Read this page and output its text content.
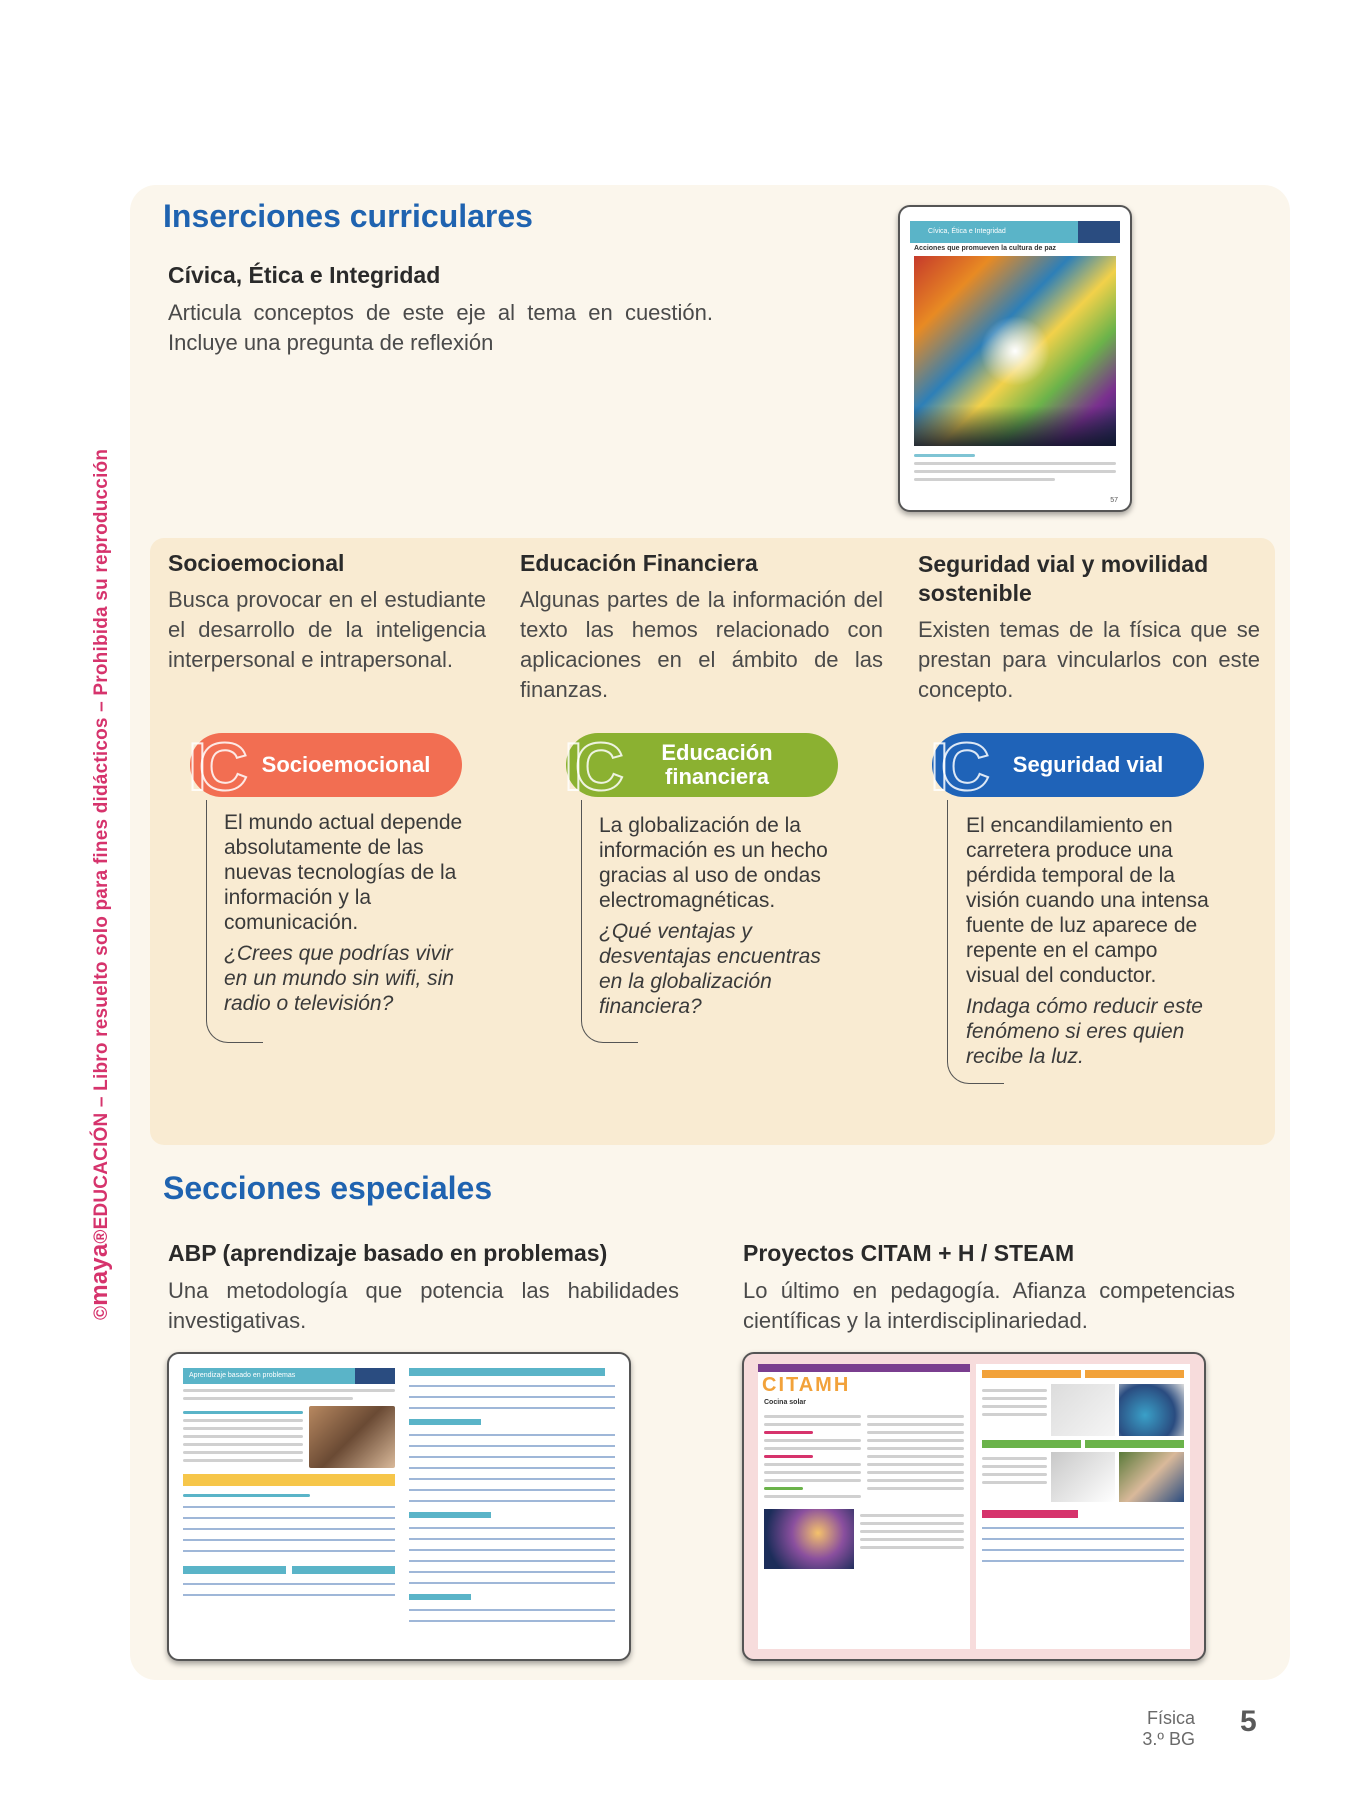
©maya®EDUCACIÓN – Libro resuelto solo para fines didácticos – Prohibida su reproducción
Inserciones curriculares
Cívica, Ética e Integridad
Articula conceptos de este eje al tema en cuestión. Incluye una pregunta de reflexión
Cívica, Ética e Integridad
Acciones que promueven la cultura de paz
57
Socioemocional
Busca provocar en el estudiante el desarrollo de la inteligencia interpersonal e intrapersonal.
Educación Financiera
Algunas partes de la información del texto las hemos relacionado con aplicaciones en el ámbito de las finanzas.
Seguridad vial y movilidad sostenible
Existen temas de la física que se prestan para vincularlos con este concepto.
Socioemocional
IC
El mundo actual depende absolutamente de las nuevas tecnologías de la información y la comunicación.
¿Crees que podrías vivir en un mundo sin wifi, sin radio o televisión?
Educación financiera
IC
La globalización de la información es un hecho gracias al uso de ondas electromagnéticas.
¿Qué ventajas y desventajas encuentras en la globalización financiera?
Seguridad vial
IC
El encandilamiento en carretera produce una pérdida temporal de la visión cuando una intensa fuente de luz aparece de repente en el campo visual del conductor.
Indaga cómo reducir este fenómeno si eres quien recibe la luz.
Secciones especiales
ABP (aprendizaje basado en problemas)
Una metodología que potencia las habilidades investigativas.
Proyectos CITAM + H / STEAM
Lo último en pedagogía. Afianza competencias científicas y la interdisciplinariedad.
Aprendizaje basado en problemas	CITAMH
Cocina solar
Física
3.º BG
5
